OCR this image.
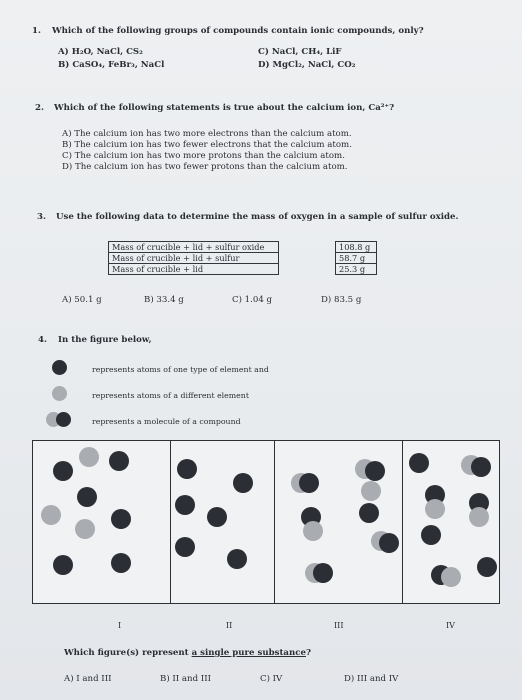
1. Which of the following groups of compounds contain ionic compounds, only?
A) H₂O, NaCl, CS₂
B) CaSO₄, FeBr₃, NaCl
C) NaCl, CH₄, LiF
D) MgCl₂, NaCl, CO₂
2. Which of the following statements is true about the calcium ion, Ca²⁺?
A) The calcium ion has two more electrons than the calcium atom.
B) The calcium ion has two fewer electrons that the calcium atom.
C) The calcium ion has two more protons than the calcium atom.
D) The calcium ion has two fewer protons than the calcium atom.
3. Use the following data to determine the mass of oxygen in a sample of sulfur oxide.
Mass of crucible + lid + sulfur oxide		108.8 g
Mass of crucible + lid + sulfur		58.7 g
Mass of crucible + lid		25.3 g
A) 50.1 g	B) 33.4 g	C) 1.04 g	D) 83.5 g
4. In the figure below,
represents atoms of one type of element and
represents atoms of a different element
represents a molecule of a compound
I	II	III	IV
Which figure(s) represent a single pure substance?
A) I and III	B) II and III	C) IV	D) III and IV
